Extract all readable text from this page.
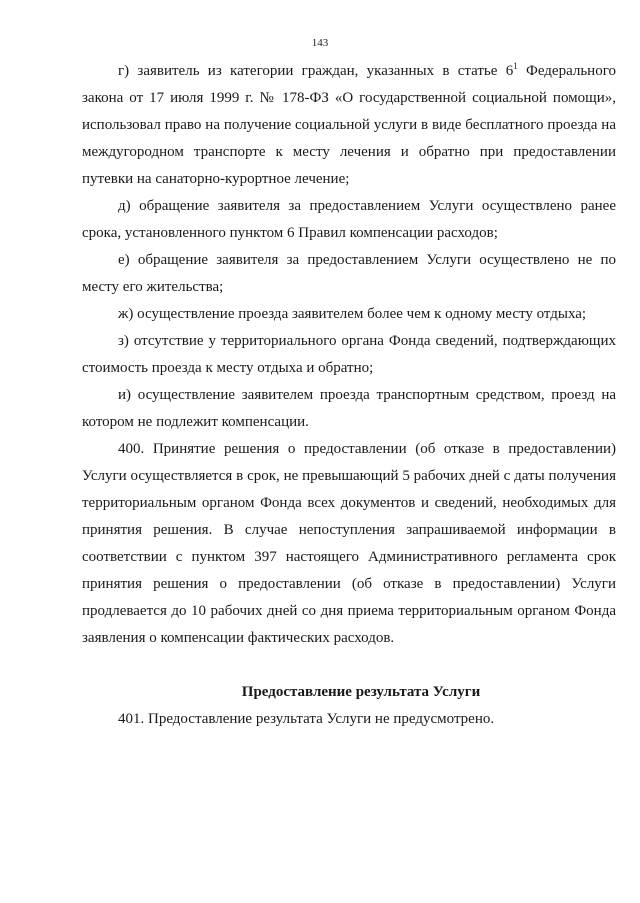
143

г) заявитель из категории граждан, указанных в статье $6^1$ Федерального закона от 17 июля 1999 г. № 178-ФЗ «О государственной социальной помощи», использовал право на получение социальной услуги в виде бесплатного проезда на междугородном транспорте к месту лечения и обратно при предоставлении путевки на санаторно-курортное лечение;

д) обращение заявителя за предоставлением Услуги осуществлено ранее срока, установленного пунктом 6 Правил компенсации расходов;

е) обращение заявителя за предоставлением Услуги осуществлено не по месту его жительства;

ж) осуществление проезда заявителем более чем к одному месту отдыха;

з) отсутствие у территориального органа Фонда сведений, подтверждающих стоимость проезда к месту отдыха и обратно;

и) осуществление заявителем проезда транспортным средством, проезд на котором не подлежит компенсации.

400. Принятие решения о предоставлении (об отказе в предоставлении) Услуги осуществляется в срок, не превышающий 5 рабочих дней с даты получения территориальным органом Фонда всех документов и сведений, необходимых для принятия решения. В случае непоступления запрашиваемой информации в соответствии с пунктом 397 настоящего Административного регламента срок принятия решения о предоставлении (об отказе в предоставлении) Услуги продлевается до 10 рабочих дней со дня приема территориальным органом Фонда заявления о компенсации фактических расходов.

Предоставление результата Услуги

401. Предоставление результата Услуги не предусмотрено.
